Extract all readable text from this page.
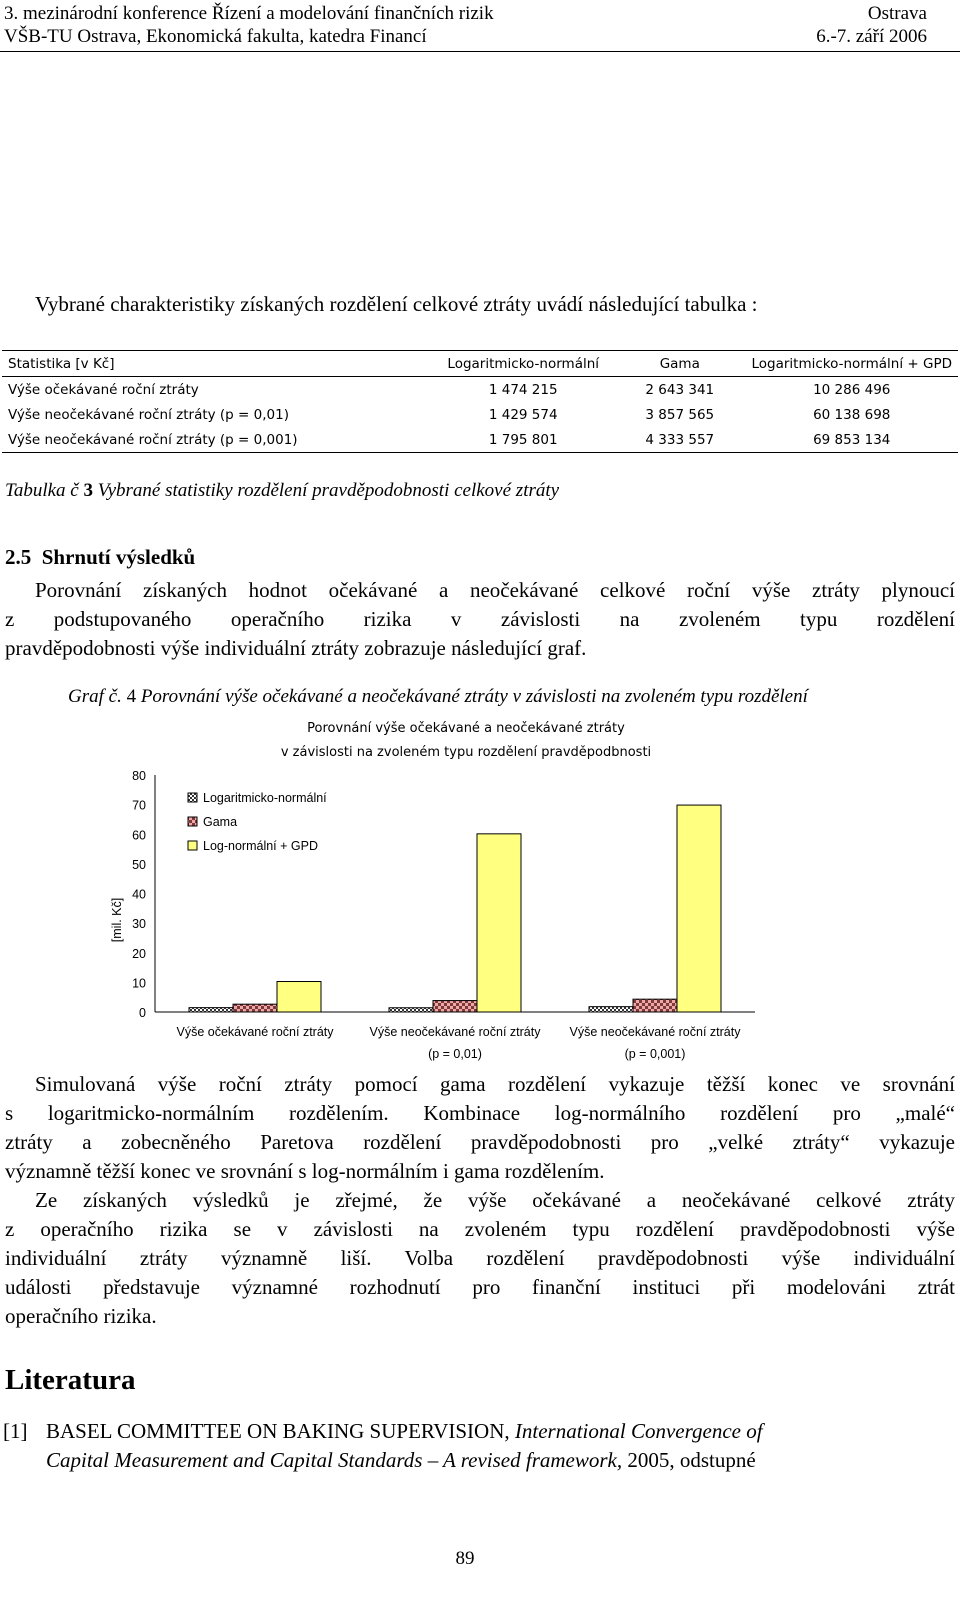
3. mezinárodní konference Řízení a modelování finančních rizik
VŠB-TU Ostrava, Ekonomická fakulta, katedra Financí
Ostrava
6.-7. září 2006
Vybrané charakteristiky získaných rozdělení celkové ztráty uvádí následující tabulka :
Statistika [v Kč]	Logaritmicko-normální	Gama	Logaritmicko-normální + GPD
Výše očekávané roční ztráty	1 474 215	2 643 341	10 286 496
Výše neočekávané roční ztráty (p = 0,01)	1 429 574	3 857 565	60 138 698
Výše neočekávané roční ztráty (p = 0,001)	1 795 801	4 333 557	69 853 134
Tabulka č 3 Vybrané statistiky rozdělení pravděpodobnosti celkové ztráty
2.5 Shrnutí výsledků
Porovnání získaných hodnot očekávané a neočekávané celkové roční výše ztráty plynoucí
z podstupovaného operačního rizika v závislosti na zvoleném typu rozdělení
pravděpodobnosti výše individuální ztráty zobrazuje následující graf.
Graf č. 4 Porovnání výše očekávané a neočekávané ztráty v závislosti na zvoleném typu rozdělení
Porovnání výše očekávané a neočekávané ztráty
v závislosti na zvoleném typu rozdělení pravděpodbnosti
0
10
20
30
40
50
60
70
80
Výše očekávané roční ztráty	Výše neočekávané roční ztráty
(p = 0,01)
Výše neočekávané roční ztráty
(p = 0,001)
Logaritmicko-normální
Gama
Log-normální + GPD
[mil. Kč]
Simulovaná výše roční ztráty pomocí gama rozdělení vykazuje těžší konec ve srovnání
s logaritmicko-normálním rozdělením. Kombinace log-normálního rozdělení pro „malé“
ztráty a zobecněného Paretova rozdělení pravděpodobnosti pro „velké ztráty“ vykazuje
významně těžší konec ve srovnání s log-normálním i gama rozdělením.
Ze získaných výsledků je zřejmé, že výše očekávané a neočekávané celkové ztráty
z operačního rizika se v závislosti na zvoleném typu rozdělení pravděpodobnosti výše
individuální ztráty významně liší. Volba rozdělení pravděpodobnosti výše individuální
události představuje významné rozhodnutí pro finanční instituci při modelováni ztrát
operačního rizika.
Literatura
[1] BASEL COMMITTEE ON BAKING SUPERVISION, International Convergence of
Capital Measurement and Capital Standards – A revised framework, 2005, odstupné
89
